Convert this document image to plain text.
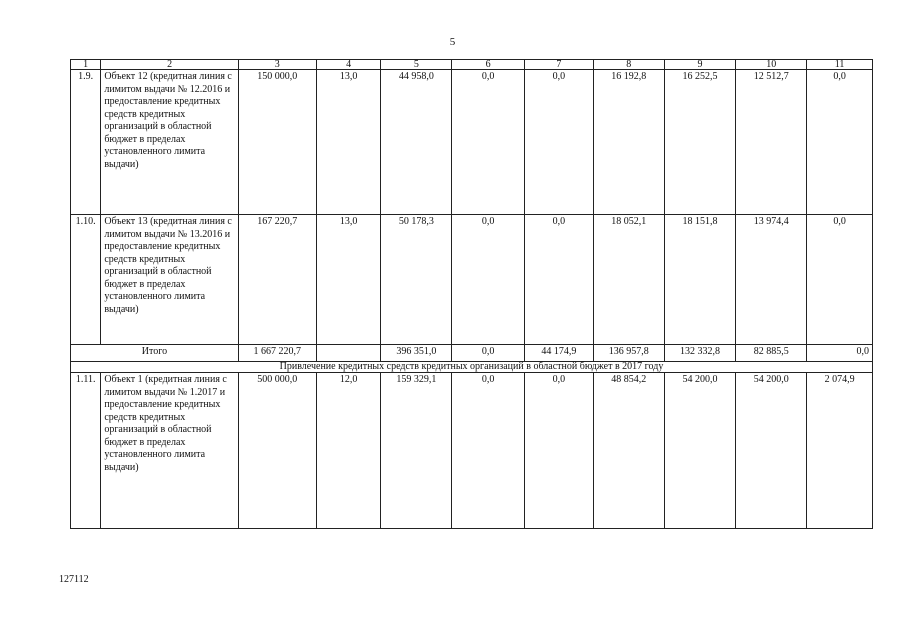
5
1	2	3	4	5	6	7	8	9	10	11
1.9.	Объект 12 (кредитная линия с лимитом выдачи № 12.2016 и предоставление кредитных средств кредитных организаций в областной бюджет в пределах установленного лимита выдачи)	150 000,0	13,0	44 958,0	0,0	0,0	16 192,8	16 252,5	12 512,7	0,0
1.10.	Объект 13 (кредитная линия с лимитом выдачи № 13.2016 и предоставление кредитных средств кредитных организаций в областной бюджет в пределах установленного лимита выдачи)	167 220,7	13,0	50 178,3	0,0	0,0	18 052,1	18 151,8	13 974,4	0,0
Итого		1 667 220,7		396 351,0	0,0	44 174,9	136 957,8	132 332,8	82 885,5	0,0
Привлечение кредитных средств кредитных организаций в областной бюджет в 2017 году										
1.11.	Объект 1 (кредитная линия с лимитом выдачи № 1.2017 и предоставление кредитных средств кредитных организаций в областной бюджет в пределах установленного лимита выдачи)	500 000,0	12,0	159 329,1	0,0	0,0	48 854,2	54 200,0	54 200,0	2 074,9
127112
